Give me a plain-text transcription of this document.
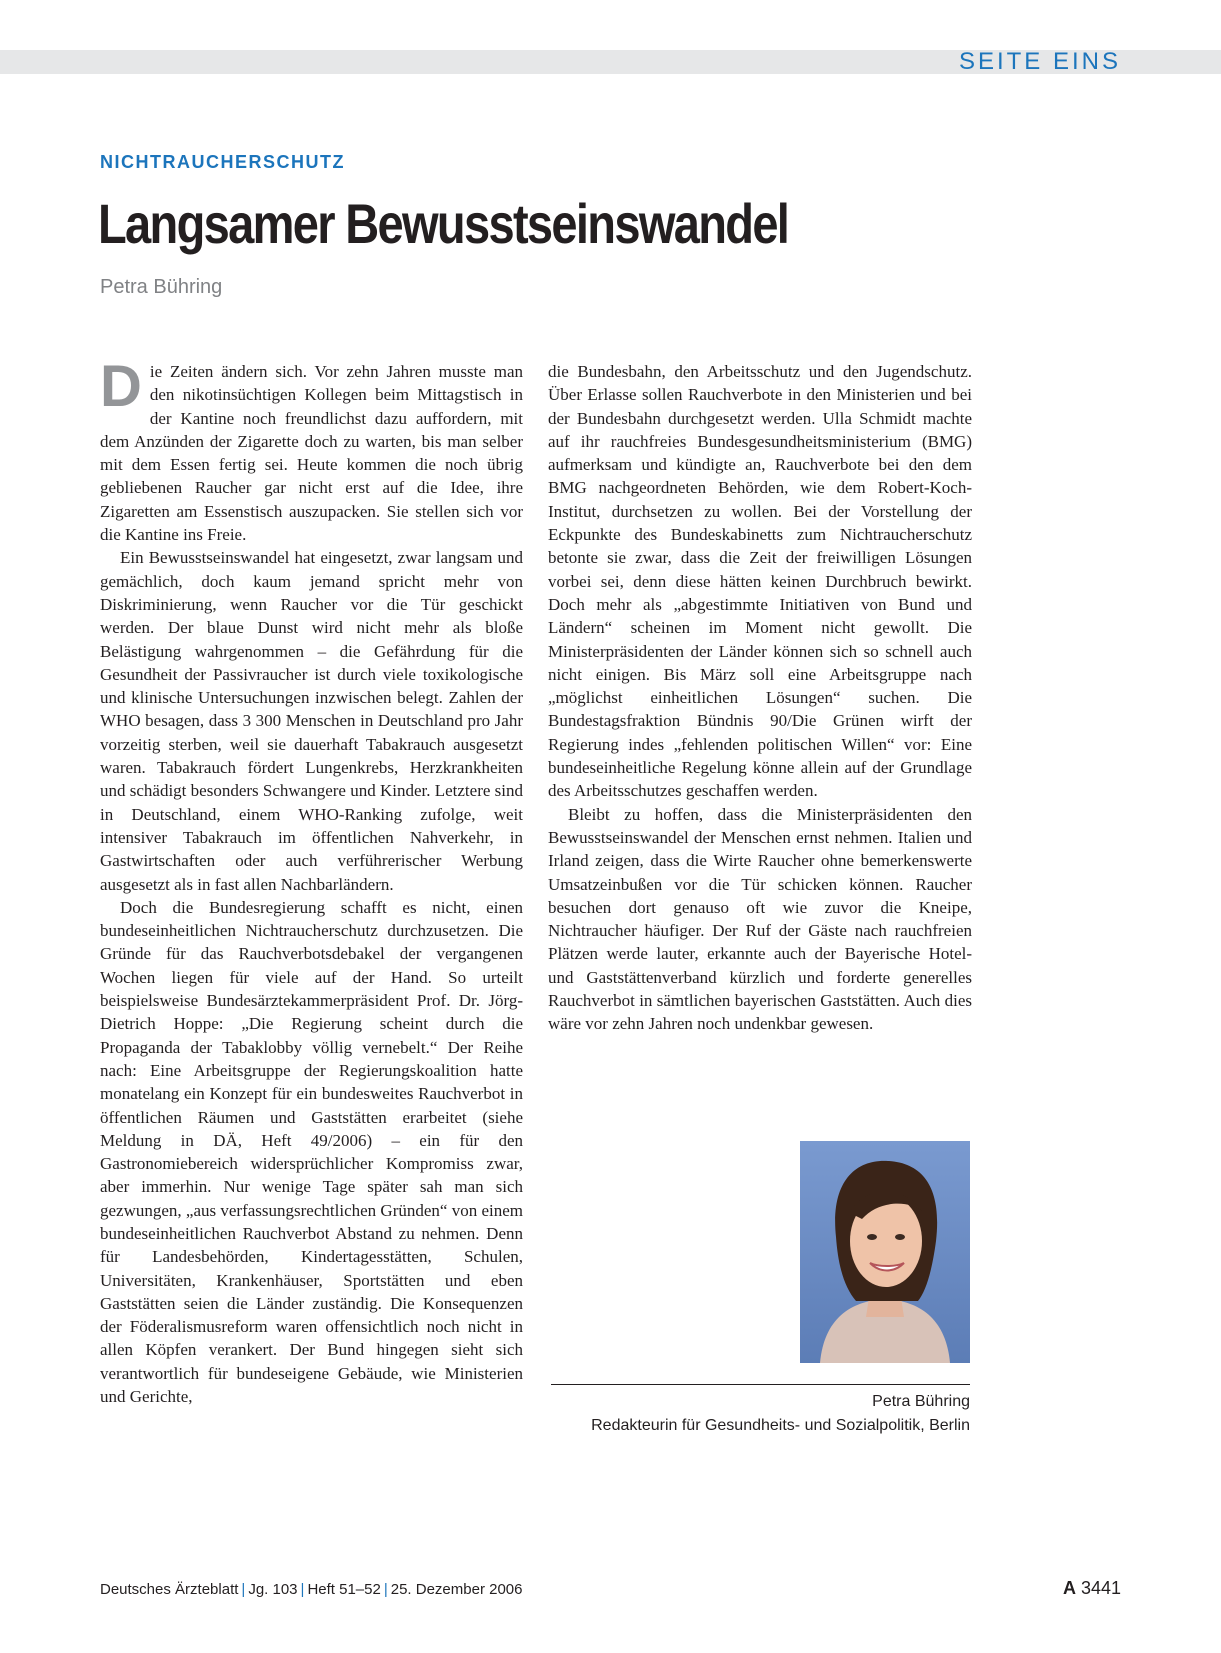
SEITE EINS
NICHTRAUCHERSCHUTZ
Langsamer Bewusstseinswandel
Petra Bühring

Die Zeiten ändern sich. Vor zehn Jahren musste man den nikotinsüchtigen Kollegen beim Mittagstisch in der Kantine noch freundlichst dazu auffordern, mit dem Anzünden der Zigarette doch zu warten, bis man selber mit dem Essen fertig sei. Heute kommen die noch übrig gebliebenen Raucher gar nicht erst auf die Idee, ihre Zigaretten am Essenstisch auszupacken. Sie stellen sich vor die Kantine ins Freie.

Ein Bewusstseinswandel hat eingesetzt, zwar langsam und gemächlich, doch kaum jemand spricht mehr von Diskriminierung, wenn Raucher vor die Tür geschickt werden. Der blaue Dunst wird nicht mehr als bloße Belästigung wahrgenommen – die Gefährdung für die Gesundheit der Passivraucher ist durch viele toxikologische und klinische Untersuchungen inzwischen belegt. Zahlen der WHO besagen, dass 3 300 Menschen in Deutschland pro Jahr vorzeitig sterben, weil sie dauerhaft Tabakrauch ausgesetzt waren. Tabakrauch fördert Lungenkrebs, Herzkrankheiten und schädigt besonders Schwangere und Kinder. Letztere sind in Deutschland, einem WHO-Ranking zufolge, weit intensiver Tabakrauch im öffentlichen Nahverkehr, in Gastwirtschaften oder auch verführerischer Werbung ausgesetzt als in fast allen Nachbarländern.

Doch die Bundesregierung schafft es nicht, einen bundeseinheitlichen Nichtraucherschutz durchzusetzen. Die Gründe für das Rauchverbotsdebakel der vergangenen Wochen liegen für viele auf der Hand. So urteilt beispielsweise Bundesärztekammerpräsident Prof. Dr. Jörg-Dietrich Hoppe: „Die Regierung scheint durch die Propaganda der Tabaklobby völlig vernebelt.“ Der Reihe nach: Eine Arbeitsgruppe der Regierungskoalition hatte monatelang ein Konzept für ein bundesweites Rauchverbot in öffentlichen Räumen und Gaststätten erarbeitet (siehe Meldung in DÄ, Heft 49/2006) – ein für den Gastronomiebereich widersprüchlicher Kompromiss zwar, aber immerhin. Nur wenige Tage später sah man sich gezwungen, „aus verfassungsrechtlichen Gründen“ von einem bundeseinheitlichen Rauchverbot Abstand zu nehmen. Denn für Landesbehörden, Kindertagesstätten, Schulen, Universitäten, Krankenhäuser, Sportstätten und eben Gaststätten seien die Länder zuständig. Die Konsequenzen der Föderalismusreform waren offensichtlich noch nicht in allen Köpfen verankert. Der Bund hingegen sieht sich verantwortlich für bundeseigene Gebäude, wie Ministerien und Gerichte,

die Bundesbahn, den Arbeitsschutz und den Jugendschutz. Über Erlasse sollen Rauchverbote in den Ministerien und bei der Bundesbahn durchgesetzt werden. Ulla Schmidt machte auf ihr rauchfreies Bundesgesundheitsministerium (BMG) aufmerksam und kündigte an, Rauchverbote bei den dem BMG nachgeordneten Behörden, wie dem Robert-Koch-Institut, durchsetzen zu wollen. Bei der Vorstellung der Eckpunkte des Bundeskabinetts zum Nichtraucherschutz betonte sie zwar, dass die Zeit der freiwilligen Lösungen vorbei sei, denn diese hätten keinen Durchbruch bewirkt. Doch mehr als „abgestimmte Initiativen von Bund und Ländern“ scheinen im Moment nicht gewollt. Die Ministerpräsidenten der Länder können sich so schnell auch nicht einigen. Bis März soll eine Arbeitsgruppe nach „möglichst einheitlichen Lösungen“ suchen. Die Bundestagsfraktion Bündnis 90/Die Grünen wirft der Regierung indes „fehlenden politischen Willen“ vor: Eine bundeseinheitliche Regelung könne allein auf der Grundlage des Arbeitsschutzes geschaffen werden.

Bleibt zu hoffen, dass die Ministerpräsidenten den Bewusstseinswandel der Menschen ernst nehmen. Italien und Irland zeigen, dass die Wirte Raucher ohne bemerkenswerte Umsatzeinbußen vor die Tür schicken können. Raucher besuchen dort genauso oft wie zuvor die Kneipe, Nichtraucher häufiger. Der Ruf der Gäste nach rauchfreien Plätzen werde lauter, erkannte auch der Bayerische Hotel- und Gaststättenverband kürzlich und forderte generelles Rauchverbot in sämtlichen bayerischen Gaststätten. Auch dies wäre vor zehn Jahren noch undenkbar gewesen.

Petra Bühring
Redakteurin für Gesundheits- und Sozialpolitik, Berlin
Deutsches Ärzteblatt | Jg. 103 | Heft 51–52 | 25. Dezember 2006	A 3441
